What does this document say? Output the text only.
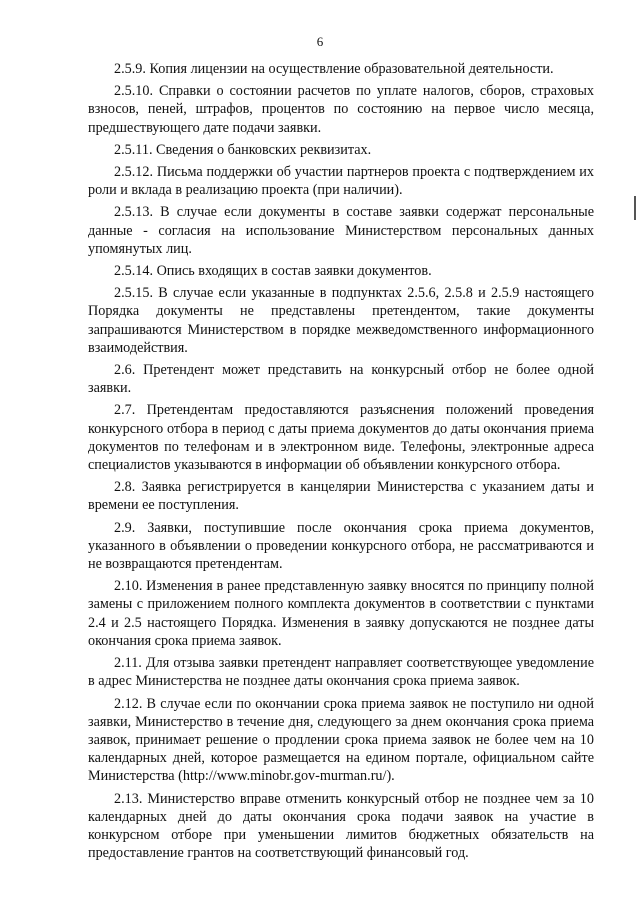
6

2.5.9. Копия лицензии на осуществление образовательной деятельности.

2.5.10. Справки о состоянии расчетов по уплате налогов, сборов, страховых взносов, пеней, штрафов, процентов по состоянию на первое число месяца, предшествующего дате подачи заявки.

2.5.11. Сведения о банковских реквизитах.

2.5.12. Письма поддержки об участии партнеров проекта с подтверждением их роли и вклада в реализацию проекта (при наличии).

2.5.13. В случае если документы в составе заявки содержат персональные данные - согласия на использование Министерством персональных данных упомянутых лиц.

2.5.14. Опись входящих в состав заявки документов.

2.5.15. В случае если указанные в подпунктах 2.5.6, 2.5.8 и 2.5.9 настоящего Порядка документы не представлены претендентом, такие документы запрашиваются Министерством в порядке межведомственного информационного взаимодействия.

2.6. Претендент может представить на конкурсный отбор не более одной заявки.

2.7. Претендентам предоставляются разъяснения положений проведения конкурсного отбора в период с даты приема документов до даты окончания приема документов по телефонам и в электронном виде. Телефоны, электронные адреса специалистов указываются в информации об объявлении конкурсного отбора.

2.8. Заявка регистрируется в канцелярии Министерства с указанием даты и времени ее поступления.

2.9. Заявки, поступившие после окончания срока приема документов, указанного в объявлении о проведении конкурсного отбора, не рассматриваются и не возвращаются претендентам.

2.10. Изменения в ранее представленную заявку вносятся по принципу полной замены с приложением полного комплекта документов в соответствии с пунктами 2.4 и 2.5 настоящего Порядка. Изменения в заявку допускаются не позднее даты окончания срока приема заявок.

2.11. Для отзыва заявки претендент направляет соответствующее уведомление в адрес Министерства не позднее даты окончания срока приема заявок.

2.12. В случае если по окончании срока приема заявок не поступило ни одной заявки, Министерство в течение дня, следующего за днем окончания срока приема заявок, принимает решение о продлении срока приема заявок не более чем на 10 календарных дней, которое размещается на едином портале, официальном сайте Министерства (http://www.minobr.gov-murman.ru/).

2.13. Министерство вправе отменить конкурсный отбор не позднее чем за 10 календарных дней до даты окончания срока подачи заявок на участие в конкурсном отборе при уменьшении лимитов бюджетных обязательств на предоставление грантов на соответствующий финансовый год.
